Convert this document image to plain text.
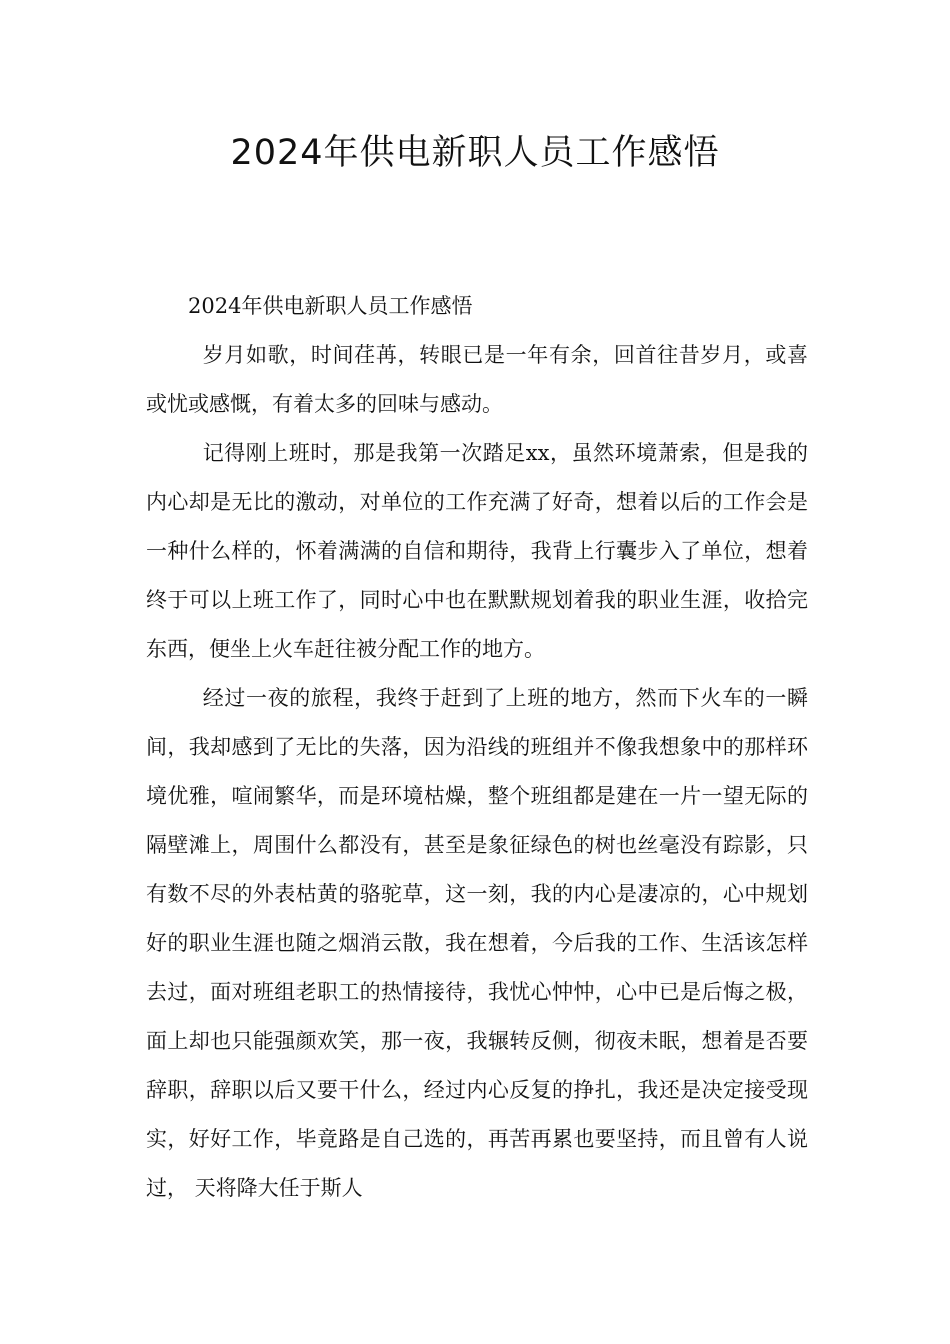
2024年供电新职人员工作感悟

2024年供电新职人员工作感悟

岁月如歌，时间荏苒，转眼已是一年有余，回首往昔岁月，或喜或忧或感慨，有着太多的回味与感动。

记得刚上班时，那是我第一次踏足xx，虽然环境萧索，但是我的内心却是无比的激动，对单位的工作充满了好奇，想着以后的工作会是一种什么样的，怀着满满的自信和期待，我背上行囊步入了单位，想着终于可以上班工作了，同时心中也在默默规划着我的职业生涯，收拾完东西，便坐上火车赶往被分配工作的地方。

经过一夜的旅程，我终于赶到了上班的地方，然而下火车的一瞬间，我却感到了无比的失落，因为沿线的班组并不像我想象中的那样环境优雅，喧闹繁华，而是环境枯燥，整个班组都是建在一片一望无际的隔壁滩上，周围什么都没有，甚至是象征绿色的树也丝毫没有踪影，只有数不尽的外表枯黄的骆驼草，这一刻，我的内心是凄凉的，心中规划好的职业生涯也随之烟消云散，我在想着，今后我的工作、生活该怎样去过，面对班组老职工的热情接待，我忧心忡忡，心中已是后悔之极，面上却也只能强颜欢笑，那一夜，我辗转反侧，彻夜未眠，想着是否要辞职，辞职以后又要干什么，经过内心反复的挣扎，我还是决定接受现实，好好工作，毕竟路是自己选的，再苦再累也要坚持，而且曾有人说过， 天将降大任于斯人
